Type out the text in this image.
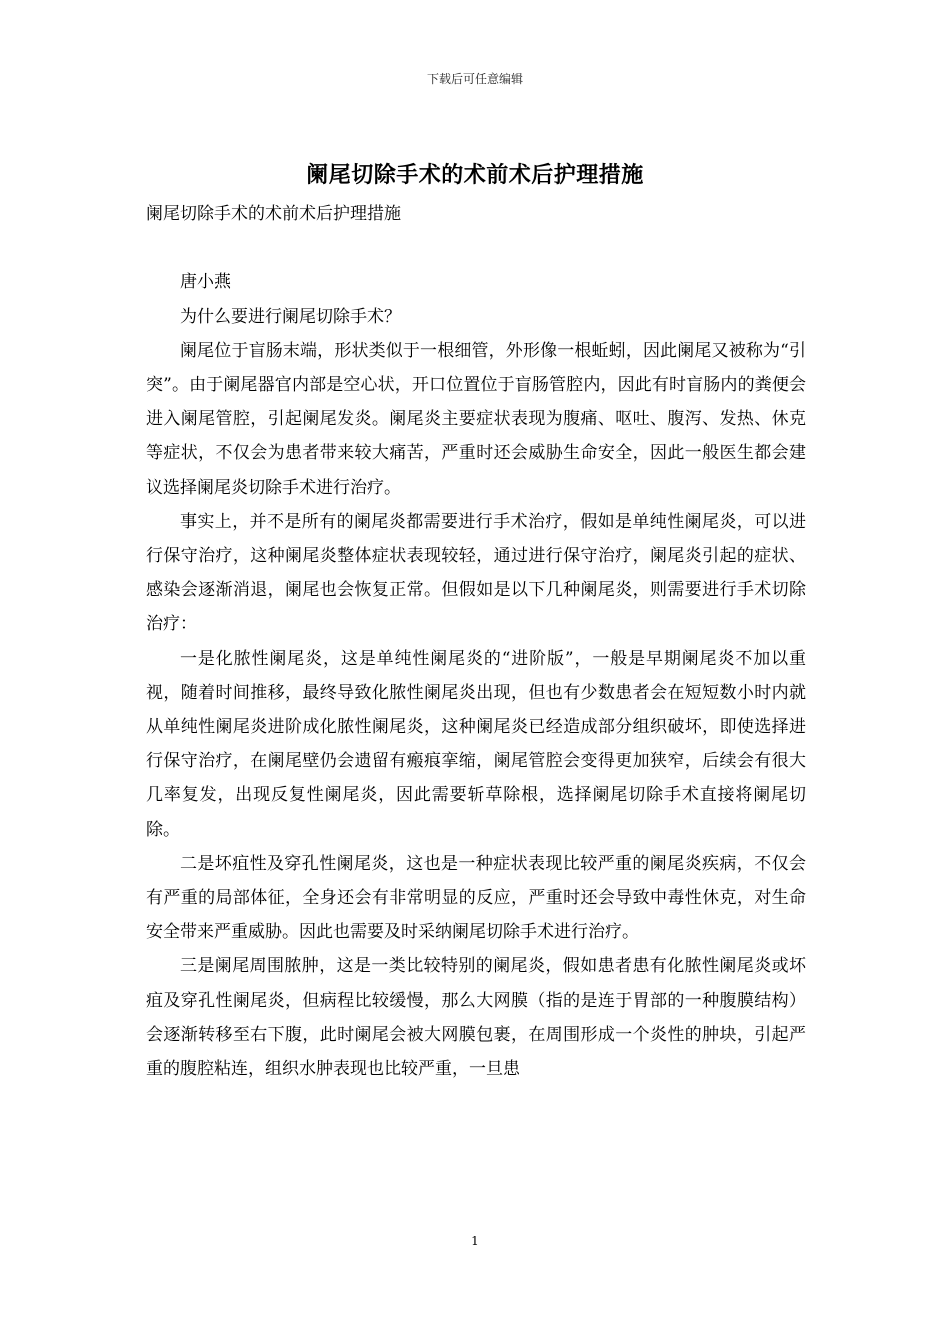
下载后可任意编辑
阑尾切除手术的术前术后护理措施

阑尾切除手术的术前术后护理措施

唐小燕

为什么要进行阑尾切除手术？

阑尾位于盲肠末端，形状类似于一根细管，外形像一根蚯蚓，因此阑尾又被称为“引突”。由于阑尾器官内部是空心状，开口位置位于盲肠管腔内，因此有时盲肠内的粪便会进入阑尾管腔，引起阑尾发炎。阑尾炎主要症状表现为腹痛、呕吐、腹泻、发热、休克等症状，不仅会为患者带来较大痛苦，严重时还会威胁生命安全，因此一般医生都会建议选择阑尾炎切除手术进行治疗。

事实上，并不是所有的阑尾炎都需要进行手术治疗，假如是单纯性阑尾炎，可以进行保守治疗，这种阑尾炎整体症状表现较轻，通过进行保守治疗，阑尾炎引起的症状、感染会逐渐消退，阑尾也会恢复正常。但假如是以下几种阑尾炎，则需要进行手术切除治疗：

一是化脓性阑尾炎，这是单纯性阑尾炎的“进阶版”，一般是早期阑尾炎不加以重视，随着时间推移，最终导致化脓性阑尾炎出现，但也有少数患者会在短短数小时内就从单纯性阑尾炎进阶成化脓性阑尾炎，这种阑尾炎已经造成部分组织破坏，即使选择进行保守治疗，在阑尾壁仍会遗留有瘢痕挛缩，阑尾管腔会变得更加狭窄，后续会有很大几率复发，出现反复性阑尾炎，因此需要斩草除根，选择阑尾切除手术直接将阑尾切除。

二是坏疽性及穿孔性阑尾炎，这也是一种症状表现比较严重的阑尾炎疾病，不仅会有严重的局部体征，全身还会有非常明显的反应，严重时还会导致中毒性休克，对生命安全带来严重威胁。因此也需要及时采纳阑尾切除手术进行治疗。

三是阑尾周围脓肿，这是一类比较特别的阑尾炎，假如患者患有化脓性阑尾炎或坏疽及穿孔性阑尾炎，但病程比较缓慢，那么大网膜（指的是连于胃部的一种腹膜结构）会逐渐转移至右下腹，此时阑尾会被大网膜包裹，在周围形成一个炎性的肿块，引起严重的腹腔粘连，组织水肿表现也比较严重，一旦患

1
